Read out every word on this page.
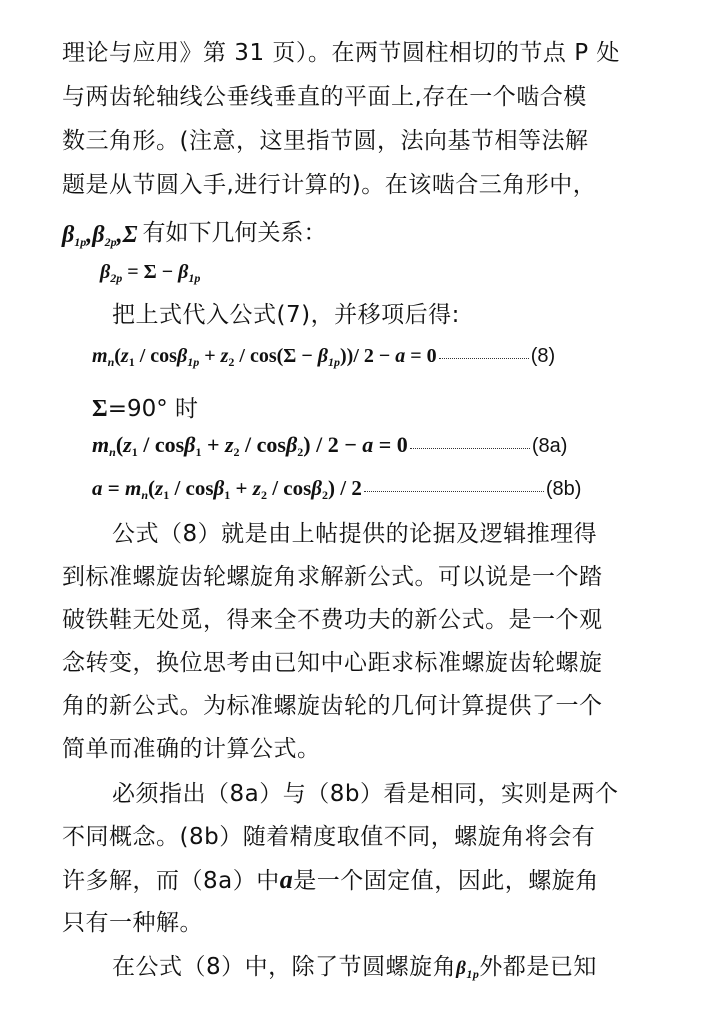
理论与应用》第 31 页）。在两节圆柱相切的节点 P 处
与两齿轮轴线公垂线垂直的平面上,存在一个啮合模
数三角形。(注意，这里指节圆，法向基节相等法解
题是从节圆入手,进行计算的)。在该啮合三角形中，
$\beta_{1p},\beta_{2p},\Sigma$ 有如下几何关系：
$\beta_{2p} = \Sigma - \beta_{1p}$
把上式代入公式(7)，并移项后得:
$m_n(z_1 / \cos\beta_{1p} + z_2 / \cos(\Sigma - \beta_{1p}))/$ 2 − a = 0	(8)
Σ=90° 时
$m_n(z_1 / \cos\beta_1 + z_2 / \cos\beta_2) / 2 - a = 0$	(8a)
$a = m_n(z_1 / \cos\beta_1 + z_2 / \cos\beta_2) / 2$	(8b)
公式（8）就是由上帖提供的论据及逻辑推理得
到标准螺旋齿轮螺旋角求解新公式。可以说是一个踏
破铁鞋无处觅，得来全不费功夫的新公式。是一个观
念转变，换位思考由已知中心距求标准螺旋齿轮螺旋
角的新公式。为标准螺旋齿轮的几何计算提供了一个
简单而准确的计算公式。
必须指出（8a）与（8b）看是相同，实则是两个
不同概念。(8b）随着精度取值不同，螺旋角将会有
许多解，而（8a）中a是一个固定值，因此，螺旋角
只有一种解。
在公式（8）中，除了节圆螺旋角$\beta_{1p}$外都是已知
